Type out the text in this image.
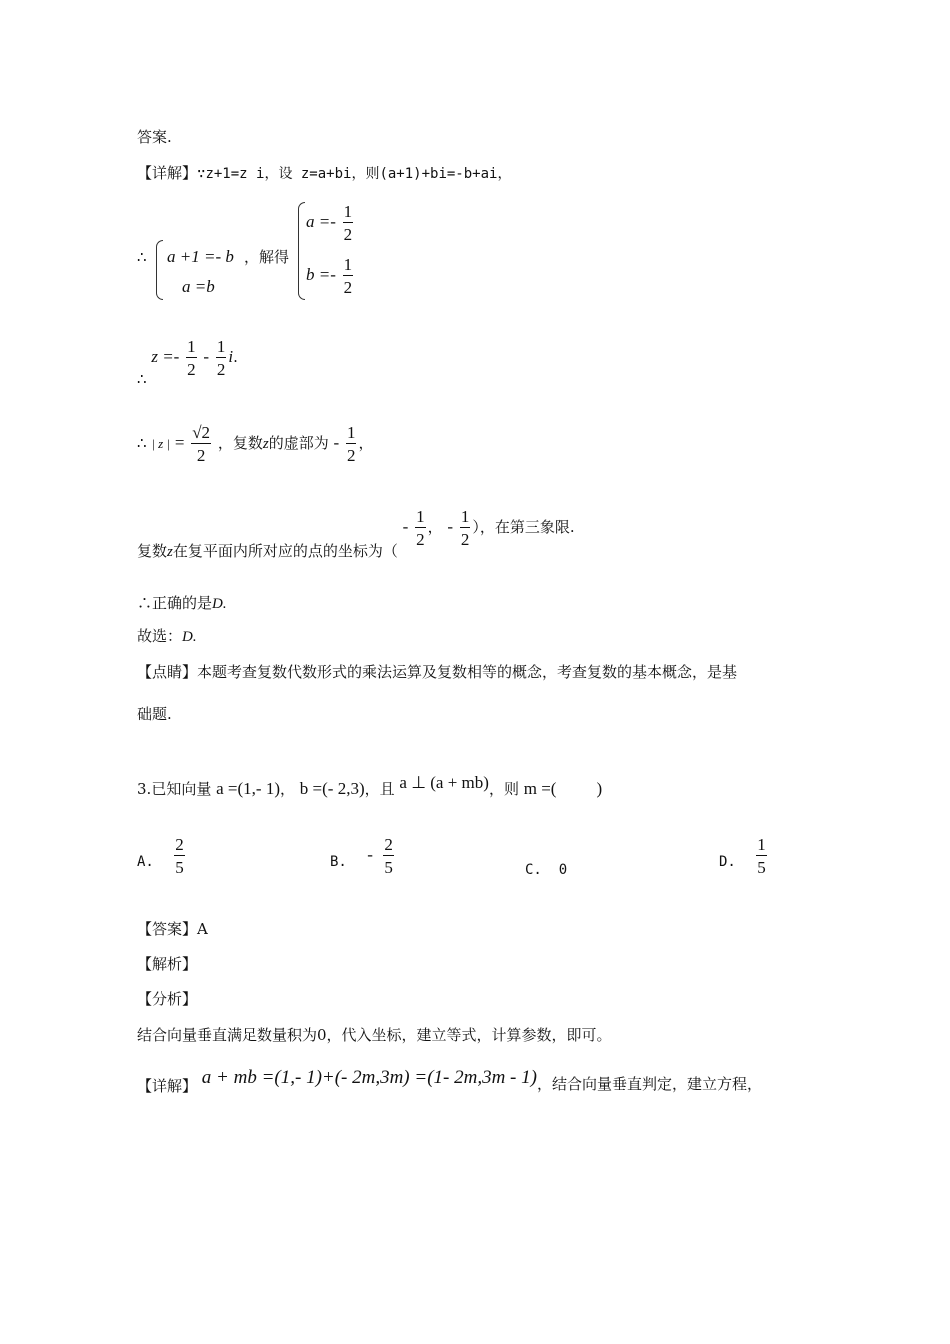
答案.
【详解】∵z+1=z i，设 z=a+bi，则(a+1)+bi=-b+ai，
∴ a +1 =- b
a =b
，解得
$a =- \frac{1}{2}$
$b =- \frac{1}{2}$
∴ $z =- \frac{1}{2} - \frac{1}{2} i$.
∴ | z | = $\frac{√2}{2}$ ，复数z的虚部为 - $\frac{1}{2}$ ，
复数z在复平面内所对应的点的坐标为（ - $\frac{1}{2}$ ， - $\frac{1}{2}$ ），在第三象限.
∴正确的是D.
故选：D.
【点睛】本题考查复数代数形式的乘法运算及复数相等的概念，考查复数的基本概念，是基
础题.
3.已知向量 a =(1,- 1)， b =(- 2,3)，且 a ⊥ (a + mb)，则 m =( )
A. $\frac{2}{5}$	B. - $\frac{2}{5}$	C. 0	D. $\frac{1}{5}$
【答案】A
【解析】
【分析】
结合向量垂直满足数量积为0，代入坐标，建立等式，计算参数，即可。
【详解】 a + mb =(1,- 1)+(- 2m,3m) =(1- 2m,3m - 1)，结合向量垂直判定，建立方程，
